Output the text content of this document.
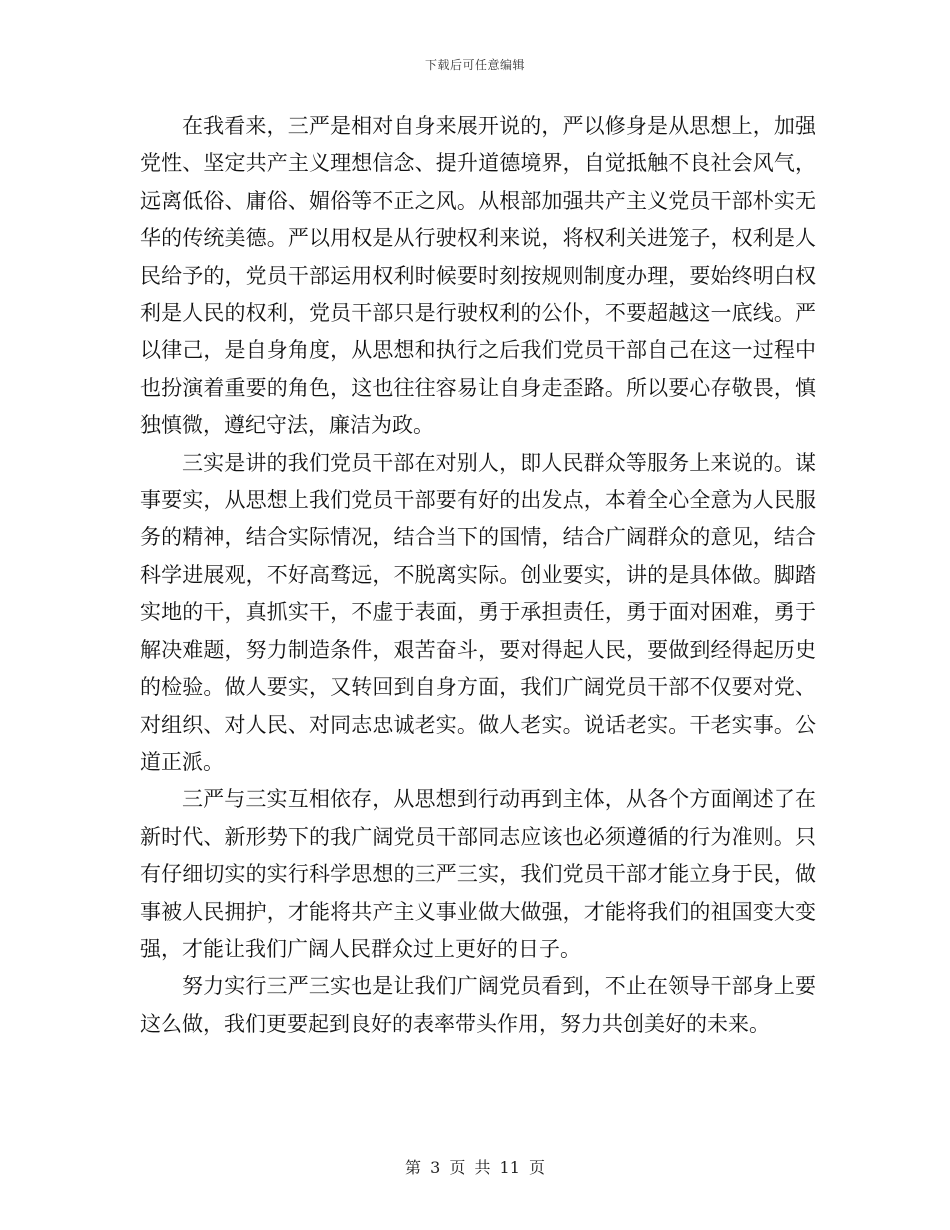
下载后可任意编辑

在我看来，三严是相对自身来展开说的，严以修身是从思想上，加强党性、坚定共产主义理想信念、提升道德境界，自觉抵触不良社会风气，远离低俗、庸俗、媚俗等不正之风。从根部加强共产主义党员干部朴实无华的传统美德。严以用权是从行驶权利来说，将权利关进笼子，权利是人民给予的，党员干部运用权利时候要时刻按规则制度办理，要始终明白权利是人民的权利，党员干部只是行驶权利的公仆，不要超越这一底线。严以律己，是自身角度，从思想和执行之后我们党员干部自己在这一过程中也扮演着重要的角色，这也往往容易让自身走歪路。所以要心存敬畏，慎独慎微，遵纪守法，廉洁为政。

三实是讲的我们党员干部在对别人，即人民群众等服务上来说的。谋事要实，从思想上我们党员干部要有好的出发点，本着全心全意为人民服务的精神，结合实际情况，结合当下的国情，结合广阔群众的意见，结合科学进展观，不好高骛远，不脱离实际。创业要实，讲的是具体做。脚踏实地的干，真抓实干，不虚于表面，勇于承担责任，勇于面对困难，勇于解决难题，努力制造条件，艰苦奋斗，要对得起人民，要做到经得起历史的检验。做人要实，又转回到自身方面，我们广阔党员干部不仅要对党、对组织、对人民、对同志忠诚老实。做人老实。说话老实。干老实事。公道正派。

三严与三实互相依存，从思想到行动再到主体，从各个方面阐述了在新时代、新形势下的我广阔党员干部同志应该也必须遵循的行为准则。只有仔细切实的实行科学思想的三严三实，我们党员干部才能立身于民，做事被人民拥护，才能将共产主义事业做大做强，才能将我们的祖国变大变强，才能让我们广阔人民群众过上更好的日子。

努力实行三严三实也是让我们广阔党员看到，不止在领导干部身上要这么做，我们更要起到良好的表率带头作用，努力共创美好的未来。

第 3 页 共 11 页
